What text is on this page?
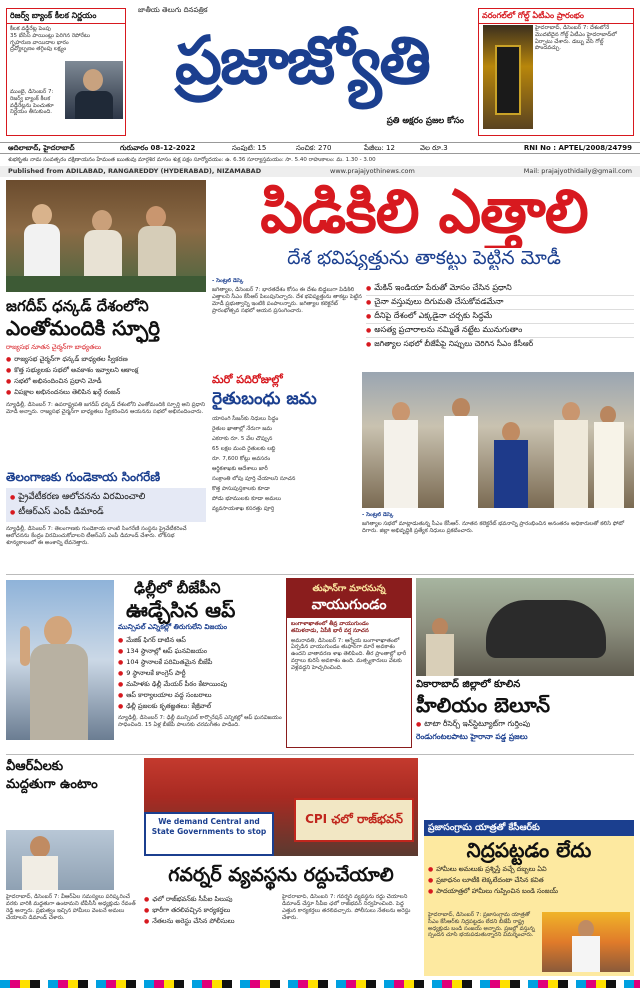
రిజర్వ్ బ్యాంక్ కీలక నిర్ణయం
కీలక వడ్డీరేట్ల పెంపు
35 బేసిస్ పాయింట్లు పెరిగిన రెపోరేటు
గృహరుణ వాయిదాల భారం
ద్రవ్యోల్బణం తగ్గింపు లక్ష్యం
ముంబై, డిసెంబర్ 7: రిజర్వ్ బ్యాంక్ కీలక వడ్డీరేట్లను పెంచుతూ నిర్ణయం తీసుకుంది.
జాతీయ తెలుగు దినపత్రిక
ప్రజాజ్యోతి
ప్రతి అక్షరం ప్రజల కోసం
వరంగల్‌లో గోల్డ్ ఏటీఎం ప్రారంభం
హైదరాబాద్, డిసెంబర్ 7: దేశంలోనే మొదటిదైన గోల్డ్ ఏటీఎం హైదరాబాద్‌లో ఏర్పాటు చేశారు. డబ్బు వేసి గోల్డ్ పొందవచ్చు.
ఆదిలాబాద్, హైదరాబాద్	గురువారం 08-12-2022	సంపుటి: 15	సంచిక: 270	పేజీలు: 12	వెల రూ.3	RNI No : APTEL/2008/24799
శుభకృతు నామ సంవత్సరం దక్షిణాయనం హేమంత ఋతువు మార్గశిర మాసం శుక్ల పక్షం సూర్యోదయం: ఉ. 6.36 సూర్యాస్తమయం: సా. 5.40 రాహుకాలం: మ. 1.30 - 3.00
Published from ADILABAD, RANGAREDDY (HYDERABAD), NIZAMABAD	www.prajajyothinews.com	Mail: prajajyothidaily@gmail.com
పిడికిలి ఎత్తాలి
దేశ భవిష్యత్తును తాకట్టు పెట్టిన మోడీ

- సెంట్రల్ డెస్క్

జగిత్యాల, డిసెంబర్ 7: భారతదేశం కోసం ఈ దేశం బిడ్డలుగా పిడికిలి ఎత్తాలని సీఎం కేసీఆర్ పిలుపునిచ్చారు. దేశ భవిష్యత్తును తాకట్టు పెట్టిన మోడీ ప్రభుత్వాన్ని ఇంటికి పంపాలన్నారు. జగిత్యాల కలెక్టరేట్ ప్రారంభోత్సవ సభలో ఆయన ప్రసంగించారు.

● మేకిన్ ఇండియా పేరుతో మోసం చేసిన ప్రధాని
● చైనా వస్తువులు దిగుమతి చేసుకోవడమేనా
● దీనిపై దేశంలో ఎక్కడైనా చర్చకు సిద్ధమే
● అసత్య ప్రచారాలను నమ్మితే నట్టేట మునుగుతాం
● జగిత్యాల సభలో బీజేపీపై నిప్పులు చెరిగిన సీఎం కేసీఆర్
జగదీప్ ధన్కడ్ దేశంలోని
ఎంతోమందికి స్ఫూర్తి
రాజ్యసభ నూతన చైర్మన్‌గా బాధ్యతలు
● రాజ్యసభ చైర్మన్‌గా ధన్కడ్ బాధ్యతల స్వీకరణ
● కొత్త సభ్యులకు సభలో అవకాశం ఇవ్వాలని ఆకాంక్ష
● సభలో అభినందించిన ప్రధాని మోడీ
● విపక్షాల అభినందనలు తెలిపిన ఖర్గే రంజన్

న్యూఢిల్లీ, డిసెంబర్ 7: ఉపరాష్ట్రపతి జగదీప్ ధన్కడ్ దేశంలోని ఎంతోమందికి స్ఫూర్తి అని ప్రధాని మోడీ అన్నారు. రాజ్యసభ చైర్మన్‌గా బాధ్యతలు స్వీకరించిన ఆయనను సభలో అభినందించారు.

మరో పదిరోజుల్లో
రైతుబంధు జమ
యాసంగి సీజన్‌కు నిధులు సిద్ధం
రైతుల ఖాతాల్లో నేరుగా జమ
ఎకరాకు రూ. 5 వేల చొప్పున
65 లక్షల మంది రైతులకు లబ్ది
రూ. 7,600 కోట్లు అవసరం
ఆర్థికశాఖకు ఆదేశాలు జారీ
సంక్రాంతి లోపు పూర్తి చేయాలని సూచన
కొత్త పాసుపుస్తకాలకు కూడా
పోడు భూములకు కూడా అమలు
వ్యవసాయశాఖ కసరత్తు పూర్తి
తెలంగాణకు గుండెకాయ సింగరేణి
● ప్రైవేటీకరణ ఆలోచనను విరమించాలి
● టీఆర్ఎస్ ఎంపీ డిమాండ్

న్యూఢిల్లీ, డిసెంబర్ 7: తెలంగాణకు గుండెకాయ లాంటి సింగరేణి సంస్థను ప్రైవేటీకరించే ఆలోచనను కేంద్రం విరమించుకోవాలని టీఆర్ఎస్ ఎంపీ డిమాండ్ చేశారు. లోక్‌సభ శూన్యకాలంలో ఈ అంశాన్ని లేవనెత్తారు.

- సెంట్రల్ డెస్క్

జగిత్యాల సభలో మాట్లాడుతున్న సీఎం కేసీఆర్. నూతన కలెక్టరేట్ భవనాన్ని ప్రారంభించిన అనంతరం అధికారులతో కలిసి ఫోటో దిగారు. జిల్లా అభివృద్ధికి ప్రత్యేక నిధులు ప్రకటించారు.

ఢిల్లీలో బీజేపీని
ఊడ్చేసిన ఆప్
మున్సిపల్ ఎన్నికల్లో తిరుగులేని విజయం
● మేజిక్ ఫిగర్ దాటిన ఆప్
● 134 స్థానాల్లో ఆప్ ఘనవిజయం
● 104 స్థానాలకే పరిమితమైన బీజేపీ
● 9 స్థానాలకే కాంగ్రెస్ పార్టీ
● మహిళకు ఢిల్లీ మేయర్ పీఠం కేటాయింపు
● ఆప్ కార్యాలయాల వద్ద సంబరాలు
● ఢిల్లీ ప్రజలకు కృతజ్ఞతలు: కేజ్రీవాల్

న్యూఢిల్లీ, డిసెంబర్ 7: ఢిల్లీ మున్సిపల్ కార్పొరేషన్ ఎన్నికల్లో ఆప్ ఘనవిజయం సాధించింది. 15 ఏళ్ల బీజేపీ పాలనకు చరమగీతం పాడింది.

తుఫాన్‌గా మారనున్న
వాయుగుండం
బంగాళాఖాతంలో తీవ్ర వాయుగుండం
తమిళనాడు, ఏపీకి భారీ వర్ష సూచన
అమరావతి, డిసెంబర్ 7: ఆగ్నేయ బంగాళాఖాతంలో ఏర్పడిన వాయుగుండం తుఫాన్‌గా మారే అవకాశం ఉందని వాతావరణ శాఖ తెలిపింది. తీర ప్రాంతాల్లో భారీ వర్షాలు కురిసే అవకాశం ఉంది. మత్స్యకారులు వేటకు వెళ్లవద్దని హెచ్చరించింది.
వికారాబాద్ జిల్లాలో కూలిన
హీలియం బెలూన్
● టాటా రీసెర్చ్ ఇన్‌స్టిట్యూట్‌గా గుర్తింపు
రెండుగంటలపాటు హైరానా పడ్డ ప్రజలు
వీఆర్ఏలకు
మద్దతుగా ఉంటాం

హైదరాబాద్, డిసెంబర్ 7: వీఆర్ఏల సమస్యలు పరిష్కరించే వరకు వారికి మద్దతుగా ఉంటామని టీపీసీసీ అధ్యక్షుడు రేవంత్ రెడ్డి అన్నారు. ప్రభుత్వం ఇచ్చిన హామీలు వెంటనే అమలు చేయాలని డిమాండ్ చేశారు.

We demand Central and State Governments to stop
CPI ఛలో రాజ్‌భవన్
గవర్నర్ వ్యవస్థను రద్దుచేయాలి
● ఛలో రాజ్‌భవన్‌కు సీపీఐ పిలుపు
● భారీగా తరలివచ్చిన కార్యకర్తలు
● నేతలను అరెస్టు చేసిన పోలీసులు

హైదరాబాద్, డిసెంబర్ 7: గవర్నర్ వ్యవస్థను రద్దు చేయాలని డిమాండ్ చేస్తూ సీపీఐ ఛలో రాజ్‌భవన్ నిర్వహించింది. పెద్ద ఎత్తున కార్యకర్తలు తరలివచ్చారు. పోలీసులు నేతలను అరెస్టు చేశారు.

ప్రజాసంగ్రామ యాత్రతో కేసీఆర్‌కు
నిద్రపట్టడం లేదు
● హామీలు అమలుకు ప్రశ్నిస్తే వచ్చే దబ్బలు ఏవి
● ప్రజాధనం లూటీకి లెక్కలేదంటా చేసిన కవిత
● పాదయాత్రలో హామీలు గుప్పించిన బండి సంజయ్
హైదరాబాద్, డిసెంబర్ 7: ప్రజాసంగ్రామ యాత్రతో సీఎం కేసీఆర్‌కు నిద్రపట్టడం లేదని బీజేపీ రాష్ట్ర అధ్యక్షుడు బండి సంజయ్ అన్నారు. ప్రజల్లో వస్తున్న స్పందన చూసి భయపడుతున్నారని విమర్శించారు.
